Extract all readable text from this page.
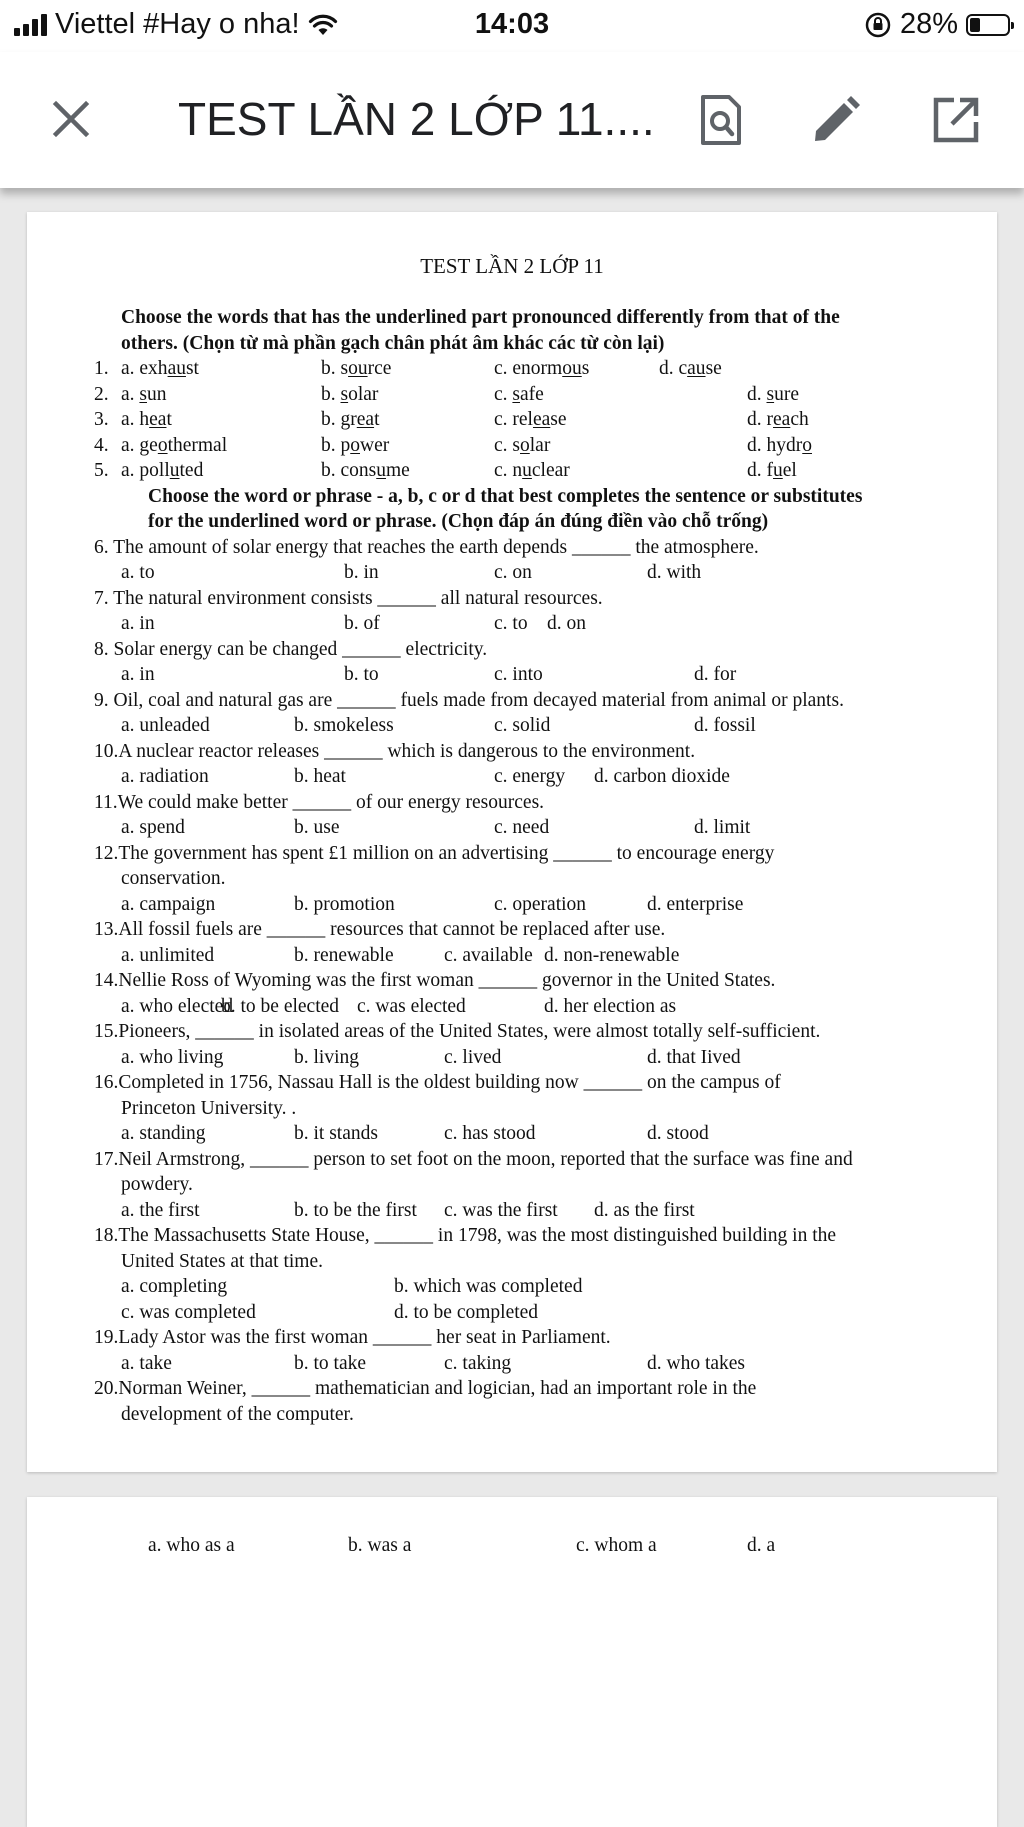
Viettel #Hay o nha!	14:03	28%
TEST LẦN 2 LỚP 11....
TEST LẦN 2 LỚP 11
Choose the words that has the underlined part pronounced differently from that of the
others. (Chọn từ mà phần gạch chân phát âm khác các từ còn lại)
1. a. exhaust	b. source	c. enormous	d. cause
2. a. sun	b. solar	c. safe	d. sure
3. a. heat	b. great	c. release	d. reach
4. a. geothermal	b. power	c. solar	d. hydro
5. a. polluted	b. consume	c. nuclear	d. fuel
Choose the word or phrase - a, b, c or d that best completes the sentence or substitutes
for the underlined word or phrase. (Chọn đáp án đúng điền vào chỗ trống)
6. The amount of solar energy that reaches the earth depends ______ the atmosphere.
a. to	b. in	c. on	d. with
7. The natural environment consists ______ all natural resources.
a. in	b. of	c. to d. on
8. Solar energy can be changed ______ electricity.
a. in	b. to	c. into	d. for
9. Oil, coal and natural gas are ______ fuels made from decayed material from animal or plants.
a. unleaded	b. smokeless	c. solid	d. fossil
10.A nuclear reactor releases ______ which is dangerous to the environment.
a. radiation	b. heat	c. energy d. carbon dioxide
11.We could make better ______ of our energy resources.
a. spend	b. use	c. need	d. limit
12.The government has spent £1 million on an advertising ______ to encourage energy
conservation.
a. campaign	b. promotion	c. operation	d. enterprise
13.All fossil fuels are ______ resources that cannot be replaced after use.
a. unlimited	b. renewable	c. available d. non-renewable
14.Nellie Ross of Wyoming was the first woman ______ governor in the United States.
a. who elected
b. to be elected c. was elected	d. her election as
15.Pioneers, ______ in isolated areas of the United States, were almost totally self-sufficient.
a. who living	b. living	c. lived	d. that Iived
16.Completed in 1756, Nassau Hall is the oldest building now ______ on the campus of
Princeton University. .
a. standing	b. it stands	c. has stood	d. stood
17.Neil Armstrong, ______ person to set foot on the moon, reported that the surface was fine and
powdery.
a. the first	b. to be the first c. was the first d. as the first
18.The Massachusetts State House, ______ in 1798, was the most distinguished building in the
United States at that time.
a. completing	b. which was completed
c. was completed	d. to be completed
19.Lady Astor was the first woman ______ her seat in Parliament.
a. take	b. to take	c. taking	d. who takes
20.Norman Weiner, ______ mathematician and logician, had an important role in the
development of the computer.
a. who as a	b. was a	c. whom a	d. a
